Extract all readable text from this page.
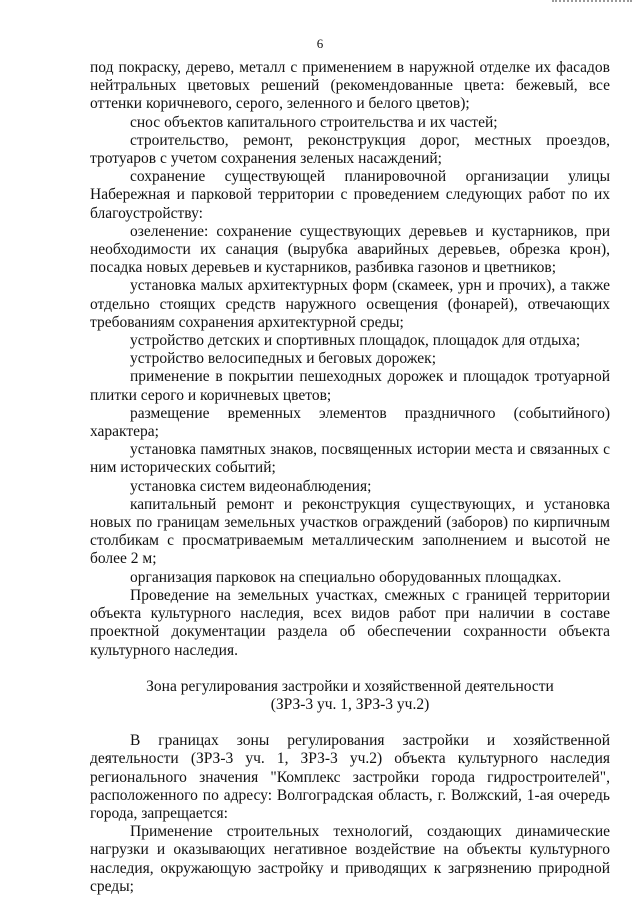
6

под покраску, дерево, металл с применением в наружной отделке их фасадов нейтральных цветовых решений (рекомендованные цвета: бежевый, все оттенки коричневого, серого, зеленного и белого цветов);

снос объектов капитального строительства и их частей;

строительство, ремонт, реконструкция дорог, местных проездов, тротуаров с учетом сохранения зеленых насаждений;

сохранение существующей планировочной организации улицы Набережная и парковой территории с проведением следующих работ по их благоустройству:

озеленение: сохранение существующих деревьев и кустарников, при необходимости их санация (вырубка аварийных деревьев, обрезка крон), посадка новых деревьев и кустарников, разбивка газонов и цветников;

установка малых архитектурных форм (скамеек, урн и прочих), а также отдельно стоящих средств наружного освещения (фонарей), отвечающих требованиям сохранения архитектурной среды;

устройство детских и спортивных площадок, площадок для отдыха;

устройство велосипедных и беговых дорожек;

применение в покрытии пешеходных дорожек и площадок тротуарной плитки серого и коричневых цветов;

размещение временных элементов праздничного (событийного) характера;

установка памятных знаков, посвященных истории места и связанных с ним исторических событий;

установка систем видеонаблюдения;

капитальный ремонт и реконструкция существующих, и установка новых по границам земельных участков ограждений (заборов) по кирпичным столбикам с просматриваемым металлическим заполнением и высотой не более 2 м;

организация парковок на специально оборудованных площадках.

Проведение на земельных участках, смежных с границей территории объекта культурного наследия, всех видов работ при наличии в составе проектной документации раздела об обеспечении сохранности объекта культурного наследия.

Зона регулирования застройки и хозяйственной деятельности

(ЗРЗ-3 уч. 1, ЗРЗ-3 уч.2)

В границах зоны регулирования застройки и хозяйственной деятельности (ЗРЗ-3 уч. 1, ЗРЗ-3 уч.2) объекта культурного наследия регионального значения "Комплекс застройки города гидростроителей", расположенного по адресу: Волгоградская область, г. Волжский, 1-ая очередь города, запрещается:

Применение строительных технологий, создающих динамические нагрузки и оказывающих негативное воздействие на объекты культурного наследия, окружающую застройку и приводящих к загрязнению природной среды;
